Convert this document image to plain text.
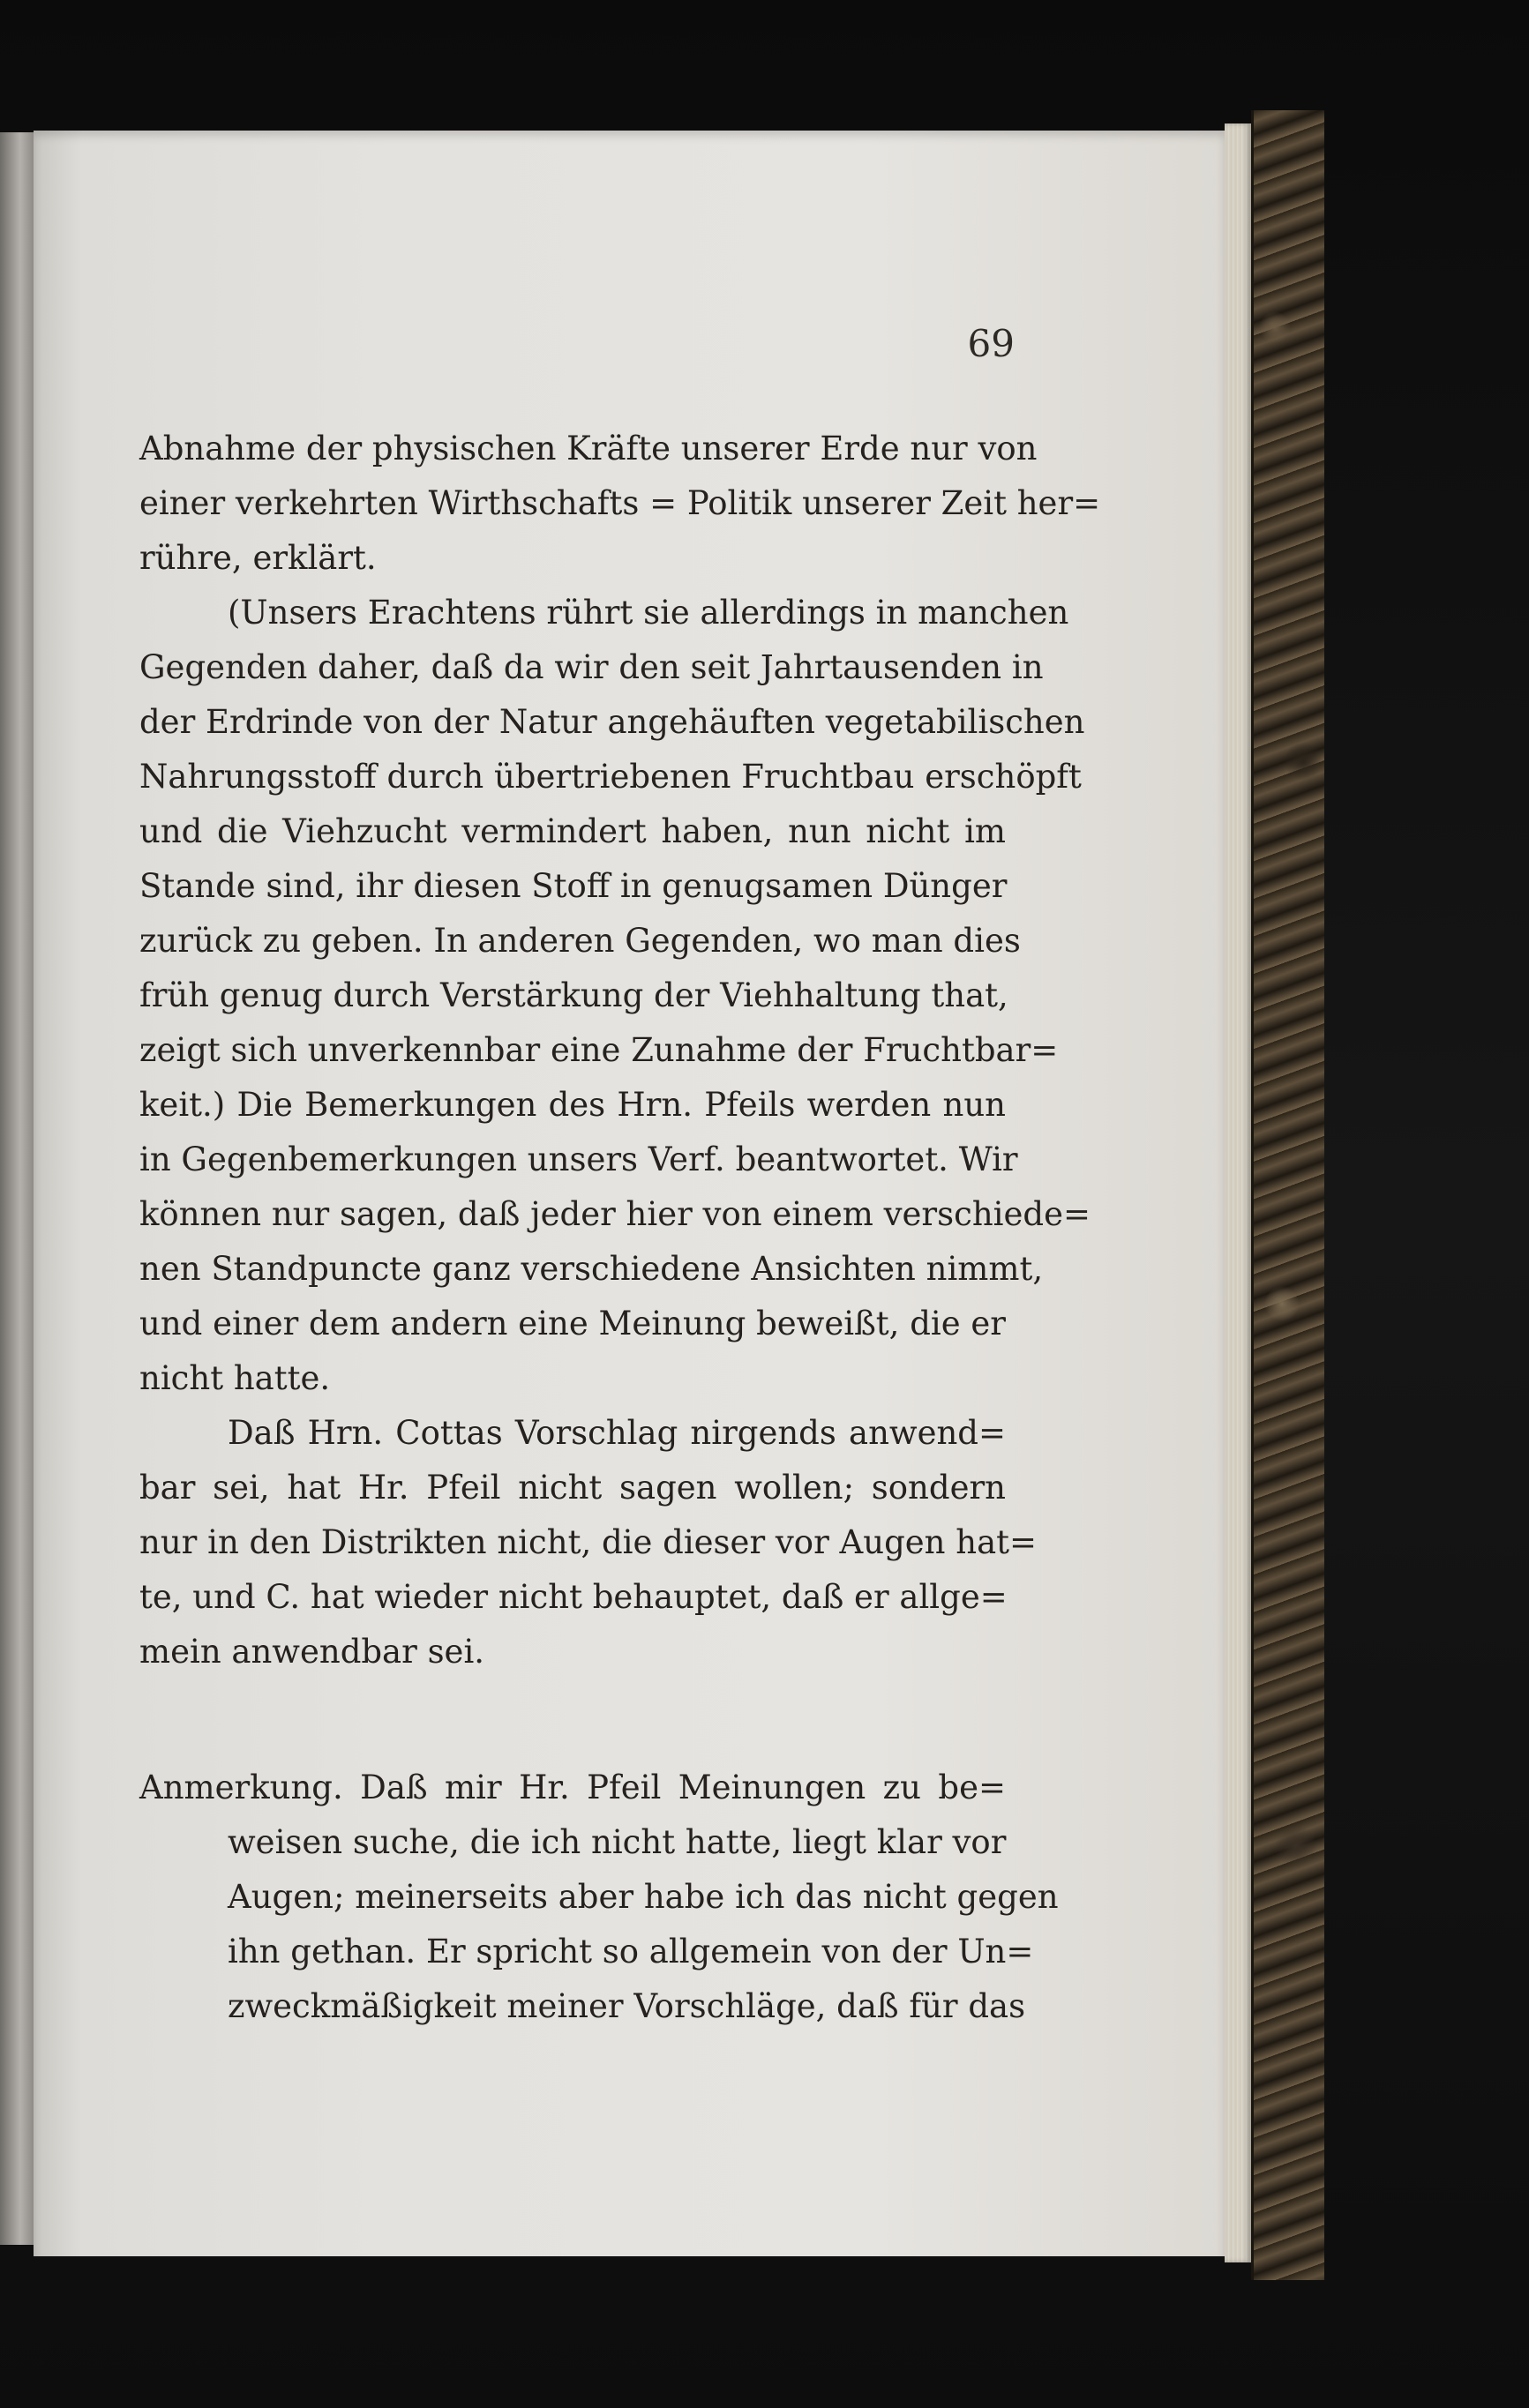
69
Abnahme der physischen Kräfte unserer Erde nur von
einer verkehrten Wirthschafts = Politik unserer Zeit her=
rühre, erklärt.
(Unsers Erachtens rührt sie allerdings in manchen
Gegenden daher, daß da wir den seit Jahrtausenden in
der Erdrinde von der Natur angehäuften vegetabilischen
Nahrungsstoff durch übertriebenen Fruchtbau erschöpft
und die Viehzucht vermindert haben, nun nicht im
Stande sind, ihr diesen Stoff in genugsamen Dünger
zurück zu geben. In anderen Gegenden, wo man dies
früh genug durch Verstärkung der Viehhaltung that,
zeigt sich unverkennbar eine Zunahme der Fruchtbar=
keit.) Die Bemerkungen des Hrn. Pfeils werden nun
in Gegenbemerkungen unsers Verf. beantwortet. Wir
können nur sagen, daß jeder hier von einem verschiede=
nen Standpuncte ganz verschiedene Ansichten nimmt,
und einer dem andern eine Meinung beweißt, die er
nicht hatte.
Daß Hrn. Cottas Vorschlag nirgends anwend=
bar sei, hat Hr. Pfeil nicht sagen wollen; sondern
nur in den Distrikten nicht, die dieser vor Augen hat=
te, und C. hat wieder nicht behauptet, daß er allge=
mein anwendbar sei.
Anmerkung. Daß mir Hr. Pfeil Meinungen zu be=
weisen suche, die ich nicht hatte, liegt klar vor
Augen; meinerseits aber habe ich das nicht gegen
ihn gethan. Er spricht so allgemein von der Un=
zweckmäßigkeit meiner Vorschläge, daß für das
